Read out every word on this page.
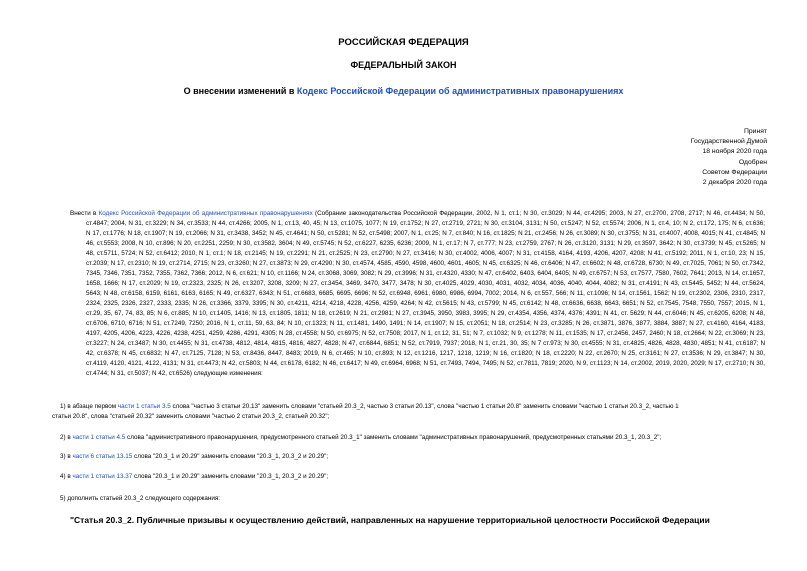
РОССИЙСКАЯ ФЕДЕРАЦИЯ
ФЕДЕРАЛЬНЫЙ ЗАКОН
О внесении изменений в Кодекс Российской Федерации об административных правонарушениях
Принят
Государственной Думой
18 ноября 2020 года
Одобрен
Советом Федерации
2 декабря 2020 года
Внести в Кодекс Российской Федерации об административных правонарушениях (Собрание законодательства Российской Федерации, 2002, N 1, ст.1; N 30, ст.3029; N 44, ст.4295; 2003, N 27, ст.2700, 2708, 2717; N 46, ст.4434; N 50, ст.4847; 2004, N 31, ст.3229; N 34, ст.3533; N 44, ст.4266; 2005, N 1, ст.13, 40, 45; N 13, ст.1075, 1077; N 19, ст.1752; N 27, ст.2719, 2721; N 30, ст.3104, 3131; N 50, ст.5247; N 52, ст.5574; 2006, N 1, ст.4, 10; N 2, ст.172, 175; N 6, ст.636; N 17, ст.1776; N 18, ст.1907; N 19, ст.2066; N 31, ст.3438, 3452; N 45, ст.4641; N 50, ст.5281; N 52, ст.5498; 2007, N 1, ст.25; N 7, ст.840; N 16, ст.1825; N 21, ст.2456; N 26, ст.3089; N 30, ст.3755; N 31, ст.4007, 4008, 4015; N 41, ст.4845; N 46, ст.5553; 2008, N 10, ст.896; N 20, ст.2251, 2259; N 30, ст.3582, 3604; N 49, ст.5745; N 52, ст.6227, 6235, 6236; 2009, N 1, ст.17; N 7, ст.777; N 23, ст.2759, 2767; N 26, ст.3120, 3131; N 29, ст.3597, 3642; N 30, ст.3739; N 45, ст.5265; N 48, ст.5711, 5724; N 52, ст.6412; 2010, N 1, ст.1; N 18, ст.2145; N 19, ст.2291; N 21, ст.2525; N 23, ст.2790; N 27, ст.3416; N 30, ст.4002, 4006, 4007; N 31, ст.4158, 4164, 4193, 4206, 4207, 4208; N 41, ст.5192; 2011, N 1, ст.10, 23; N 15, ст.2039; N 17, ст.2310; N 19, ст.2714, 2715; N 23, ст.3260; N 27, ст.3873; N 29, ст.4290; N 30, ст.4574, 4585, 4590, 4598, 4600, 4601, 4605; N 45, ст.6325; N 46, ст.6406; N 47, ст.6602; N 48, ст.6728, 6730; N 49, ст.7025, 7061; N 50, ст.7342, 7345, 7346, 7351, 7352, 7355, 7362, 7366; 2012, N 6, ст.621; N 10, ст.1166; N 24, ст.3068, 3069, 3082; N 29, ст.3996; N 31, ст.4320, 4330; N 47, ст.6402, 6403, 6404, 6405; N 49, ст.6757; N 53, ст.7577, 7580, 7602, 7641; 2013, N 14, ст.1657, 1658, 1666; N 17, ст.2029; N 19, ст.2323, 2325; N 26, ст.3207, 3208, 3209; N 27, ст.3454, 3469, 3470, 3477, 3478; N 30, ст.4025, 4029, 4030, 4031, 4032, 4034, 4036, 4040, 4044, 4082; N 31, ст.4191; N 43, ст.5445, 5452; N 44, ст.5624, 5643; N 48, ст.6158, 6159, 6161, 6163, 6165; N 49, ст.6327, 6343; N 51, ст.6683, 6685, 6695, 6696; N 52, ст.6948, 6961, 6980, 6986, 6994, 7002; 2014, N 6, ст.557, 566; N 11, ст.1096; N 14, ст.1561, 1562; N 19, ст.2302, 2306, 2310, 2317, 2324, 2325, 2326, 2327, 2333, 2335; N 26, ст.3366, 3379, 3395; N 30, ст.4211, 4214, 4218, 4228, 4256, 4259, 4264; N 42, ст.5615; N 43, ст.5799; N 45, ст.6142; N 48, ст.6636, 6638, 6643, 6651; N 52, ст.7545, 7548, 7550, 7557; 2015, N 1, ст.29, 35, 67, 74, 83, 85; N 6, ст.885; N 10, ст.1405, 1416; N 13, ст.1805, 1811; N 18, ст.2619; N 21, ст.2981; N 27, ст.3945, 3950, 3983, 3995; N 29, ст.4354, 4356, 4374, 4376; 4391; N 41, ст. 5629; N 44, ст.6046; N 45, ст.6205, 6208; N 48, ст.6706, 6710, 6716; N 51, ст.7249, 7250; 2016, N 1, ст.11, 59, 63, 84; N 10, ст.1323; N 11, ст.1481, 1490, 1491; N 14, ст.1907; N 15, ст.2051; N 18, ст.2514; N 23, ст.3285; N 26, ст.3871, 3876, 3877, 3884, 3887; N 27, ст.4160, 4164, 4183, 4197, 4205, 4206, 4223, 4226, 4238, 4251, 4259, 4286, 4291, 4305; N 28, ст.4558; N 50, ст.6975; N 52, ст.7508; 2017, N 1, ст.12, 31, 51; N 7, ст.1032; N 9, ст.1278; N 11, ст.1535; N 17, ст.2456, 2457, 2460; N 18, ст.2664; N 22, ст.3069; N 23, ст.3227; N 24, ст.3487; N 30, ст.4455; N 31, ст.4738, 4812, 4814, 4815, 4816, 4827, 4828; N 47, ст.6844, 6851; N 52, ст.7919, 7937; 2018, N 1, ст.21, 30, 35; N 7 ст.973; N 30, ст.4555; N 31, ст.4825, 4826, 4828, 4830, 4851; N 41, ст.6187; N 42, ст.6378; N 45, ст.6832; N 47, ст.7125, 7128; N 53, ст.8436, 8447, 8483; 2019, N 6, ст.465; N 10, ст.893; N 12, ст.1216, 1217, 1218, 1219; N 16, ст.1820; N 18, ст.2220; N 22, ст.2670; N 25, ст.3161; N 27, ст.3536; N 29, ст.3847; N 30, ст.4119, 4120, 4121, 4122, 4131; N 31, ст.4473; N 42, ст.5803; N 44, ст.6178, 6182; N 46, ст.6417; N 49, ст.6964, 6968; N 51, ст.7493, 7494, 7495; N 52, ст.7811, 7819; 2020, N 9, ст.1123; N 14, ст.2002, 2019, 2020, 2029; N 17, ст.2710; N 30, ст.4744; N 31, ст.5037; N 42, ст.6526) следующие изменения:
1) в абзаце первом части 1 статьи 3.5 слова "частью 3 статьи 20.13" заменить словами "статьей 20.3_2, частью 3 статьи 20.13", слова "частью 1 статьи 20.8" заменить словами "частью 1 статьи 20.3_2, частью 1
статьи 20.8", слова "статьей 20.32" заменить словами "частью 2 статьи 20.3_2, статьей 20.32";
2) в части 1 статьи 4.5 слова "административного правонарушения, предусмотренного статьей 20.3_1" заменить словами "административных правонарушений, предусмотренных статьями 20.3_1, 20.3_2";
3) в части 6 статьи 13.15 слова "20.3_1 и 20.29" заменить словами "20.3_1, 20.3_2 и 20.29";
4) в части 1 статьи 13.37 слова "20.3_1 и 20.29" заменить словами "20.3_1, 20.3_2 и 20.29";
5) дополнить статьей 20.3_2 следующего содержания:
"Статья 20.3_2. Публичные призывы к осуществлению действий, направленных на нарушение территориальной целостности Российской Федерации
